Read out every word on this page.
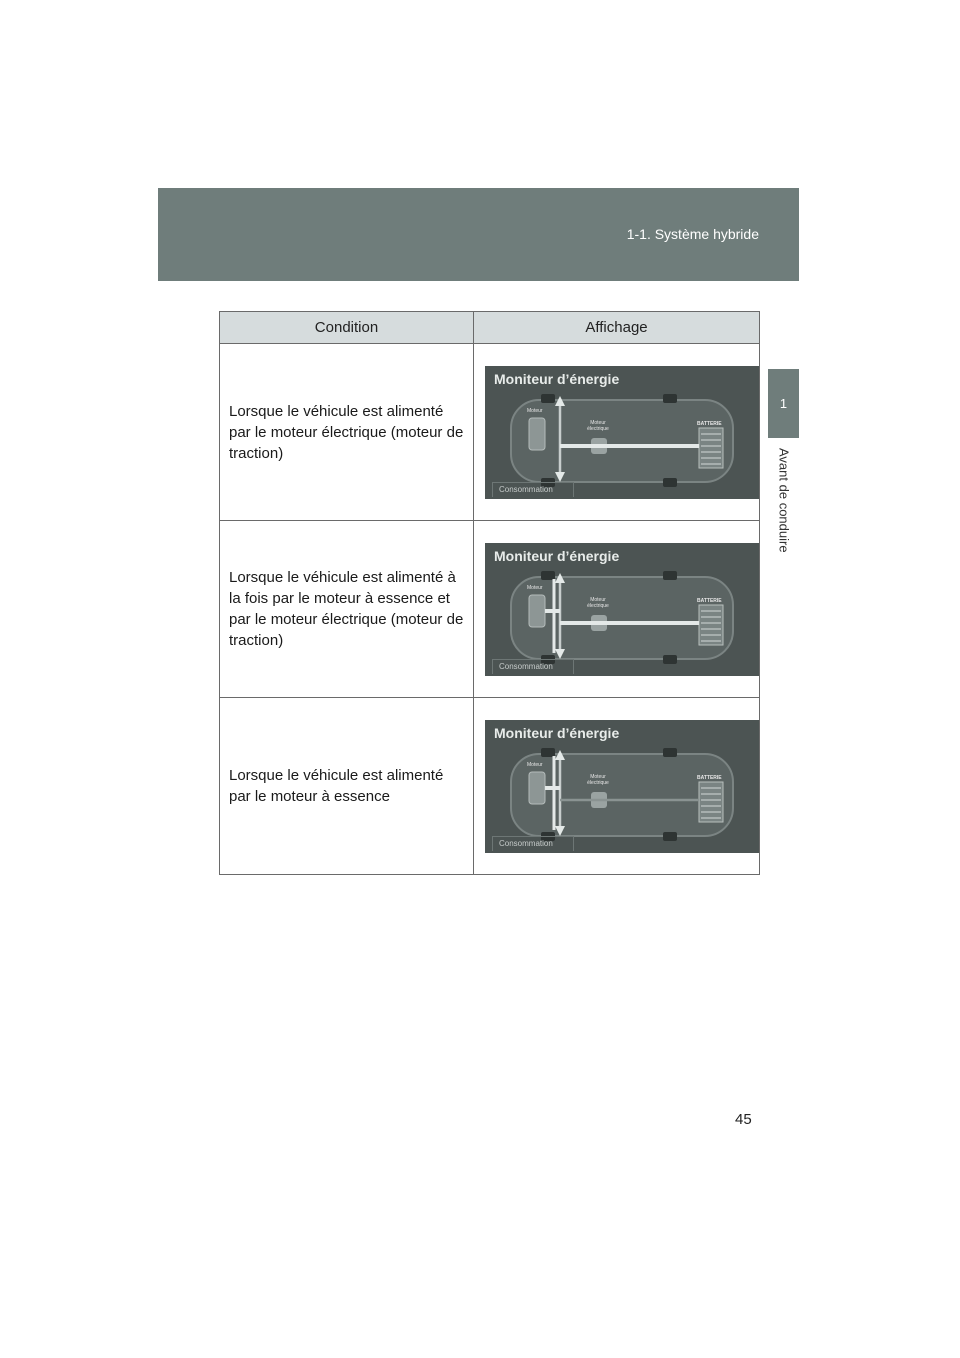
1-1. Système hybride
1
Avant de conduire
Condition	Affichage
Lorsque le véhicule est alimenté par le moteur électrique (moteur de traction)	Moniteur d’énergie
Moteur
Moteur électrique
BATTERIE
Consommation

Lorsque le véhicule est alimenté à la fois par le moteur à essence et par le moteur électrique (moteur de traction)	Moniteur d’énergie
Moteur
Moteur électrique
BATTERIE
Consommation

Lorsque le véhicule est alimenté par le moteur à essence	Moniteur d’énergie
Moteur
Moteur électrique
BATTERIE
Consommation
45
